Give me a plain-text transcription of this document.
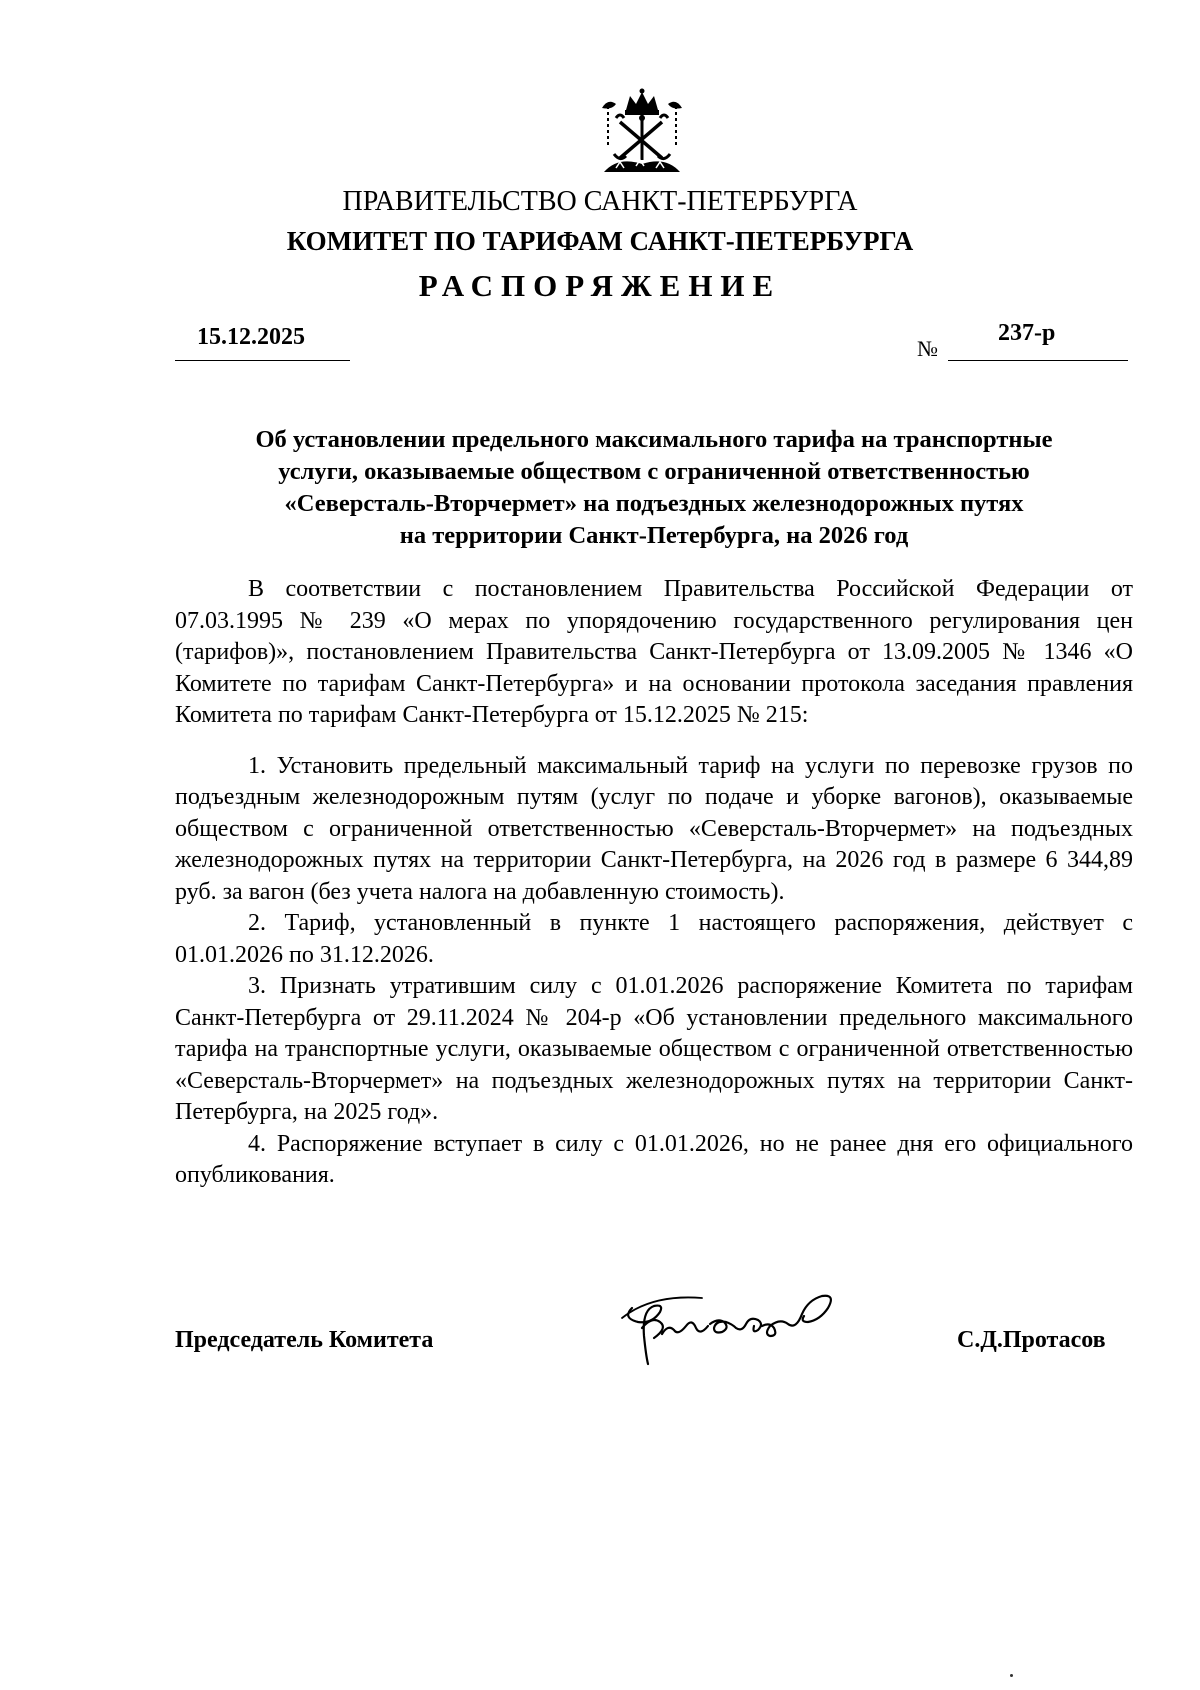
ПРАВИТЕЛЬСТВО САНКТ-ПЕТЕРБУРГА
КОМИТЕТ ПО ТАРИФАМ САНКТ-ПЕТЕРБУРГА
РАСПОРЯЖЕНИЕ
15.12.2025	№
237-р
Об установлении предельного максимального тарифа на транспортные
услуги, оказываемые обществом с ограниченной ответственностью
«Северсталь-Вторчермет» на подъездных железнодорожных путях
на территории Санкт-Петербурга, на 2026 год

В соответствии с постановлением Правительства Российской Федерации от 07.03.1995 № 239 «О мерах по упорядочению государственного регулирования цен (тарифов)», постановлением Правительства Санкт-Петербурга от 13.09.2005 № 1346 «О Комитете по тарифам Санкт-Петербурга» и на основании протокола заседания правления Комитета по тарифам Санкт-Петербурга от 15.12.2025 № 215:

1. Установить предельный максимальный тариф на услуги по перевозке грузов по подъездным железнодорожным путям (услуг по подаче и уборке вагонов), оказываемые обществом с ограниченной ответственностью «Северсталь-Вторчермет» на подъездных железнодорожных путях на территории Санкт-Петербурга, на 2026 год в размере 6 344,89 руб. за вагон (без учета налога на добавленную стоимость).

2. Тариф, установленный в пункте 1 настоящего распоряжения, действует с 01.01.2026 по 31.12.2026.

3. Признать утратившим силу с 01.01.2026 распоряжение Комитета по тарифам Санкт-Петербурга от 29.11.2024 № 204-р «Об установлении предельного максимального тарифа на транспортные услуги, оказываемые обществом с ограниченной ответственностью «Северсталь-Вторчермет» на подъездных железнодорожных путях на территории Санкт-Петербурга, на 2025 год».

4. Распоряжение вступает в силу с 01.01.2026, но не ранее дня его официального опубликования.

Председатель Комитета	С.Д.Протасов
